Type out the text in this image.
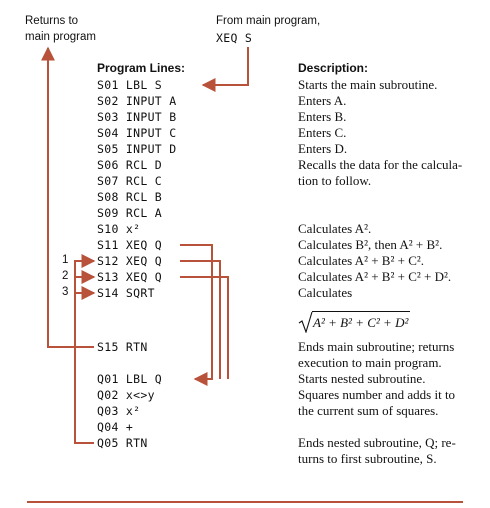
Returns to
main program
From main program,
XEQ S
Program Lines:	Description:
S01 LBL S
S02 INPUT A
S03 INPUT B
S04 INPUT C
S05 INPUT D
S06 RCL D
S07 RCL C
S08 RCL B
S09 RCL A
S10 x²
S11 XEQ Q
S12 XEQ Q
S13 XEQ Q
S14 SQRT
S15 RTN
Q01 LBL Q
Q02 x<>y
Q03 x²
Q04 +
Q05 RTN
1
2
3
Starts the main subroutine.
Enters A.
Enters B.
Enters C.
Enters D.
Recalls the data for the calcula-
tion to follow.
Calculates A².
Calculates B², then A² + B².
Calculates A² + B² + C².
Calculates A² + B² + C² + D².
Calculates
A² + B² + C² + D²
Ends main subroutine; returns
execution to main program.
Starts nested subroutine.
Squares number and adds it to
the current sum of squares.
Ends nested subroutine, Q; re-
turns to first subroutine, S.
